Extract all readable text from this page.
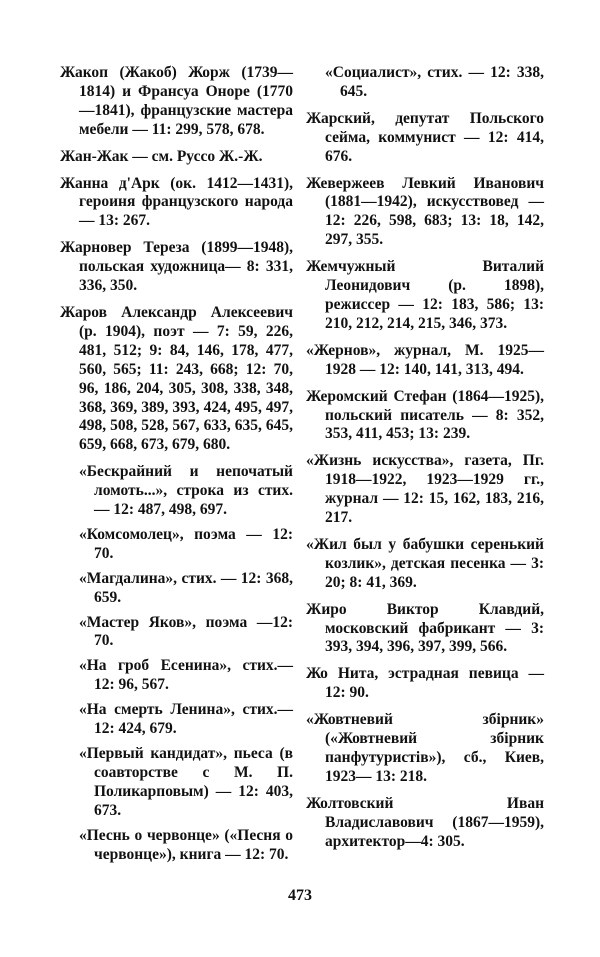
Жакоп (Жакоб) Жорж (1739—1814) и Франсуа Оноре (1770—1841), французские мастера мебели — 11: 299, 578, 678.
Жан-Жак — см. Руссо Ж.-Ж.
Жанна д'Арк (ок. 1412—1431), героиня французского народа — 13: 267.
Жарновер Тереза (1899—1948), польская художница— 8: 331, 336, 350.
Жаров Александр Алексеевич (р. 1904), поэт — 7: 59, 226, 481, 512; 9: 84, 146, 178, 477, 560, 565; 11: 243, 668; 12: 70, 96, 186, 204, 305, 308, 338, 348, 368, 369, 389, 393, 424, 495, 497, 498, 508, 528, 567, 633, 635, 645, 659, 668, 673, 679, 680.
«Бескрайний и непочатый ломоть...», строка из стих. — 12: 487, 498, 697.
«Комсомолец», поэма — 12: 70.
«Магдалина», стих. — 12: 368, 659.
«Мастер Яков», поэма —12: 70.
«На гроб Есенина», стих.— 12: 96, 567.
«На смерть Ленина», стих.— 12: 424, 679.
«Первый кандидат», пьеса (в соавторстве с М. П. Поликарповым) — 12: 403, 673.
«Песнь о червонце» («Песня о червонце»), книга — 12: 70.
«Социалист», стих. — 12: 338, 645.
Жарский, депутат Польского сейма, коммунист — 12: 414, 676.
Жевержеев Левкий Иванович (1881—1942), искусствовед — 12: 226, 598, 683; 13: 18, 142, 297, 355.
Жемчужный Виталий Леонидович (р. 1898), режиссер — 12: 183, 586; 13: 210, 212, 214, 215, 346, 373.
«Жернов», журнал, М. 1925—1928 — 12: 140, 141, 313, 494.
Жеромский Стефан (1864—1925), польский писатель — 8: 352, 353, 411, 453; 13: 239.
«Жизнь искусства», газета, Пг. 1918—1922, 1923—1929 гг., журнал — 12: 15, 162, 183, 216, 217.
«Жил был у бабушки серенький козлик», детская песенка — 3: 20; 8: 41, 369.
Жиро Виктор Клавдий, московский фабрикант — 3: 393, 394, 396, 397, 399, 566.
Жо Нита, эстрадная певица — 12: 90.
«Жовтневий збірник» («Жовтневий збірник панфутуристів»), сб., Киев, 1923— 13: 218.
Жолтовский Иван Владиславович (1867—1959), архитектор—4: 305.
473
